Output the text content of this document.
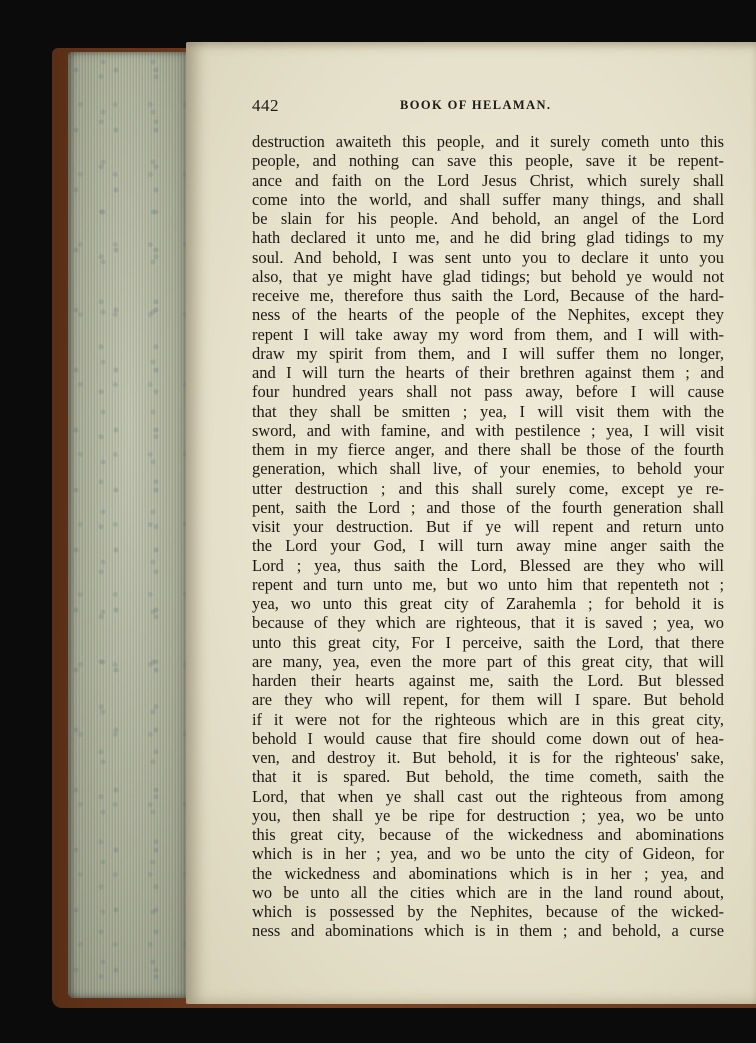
442	BOOK OF HELAMAN.
destruction awaiteth this people, and it surely cometh unto this
people, and nothing can save this people, save it be repent-
ance and faith on the Lord Jesus Christ, which surely shall
come into the world, and shall suffer many things, and shall
be slain for his people. And behold, an angel of the Lord
hath declared it unto me, and he did bring glad tidings to my
soul. And behold, I was sent unto you to declare it unto you
also, that ye might have glad tidings; but behold ye would not
receive me, therefore thus saith the Lord, Because of the hard-
ness of the hearts of the people of the Nephites, except they
repent I will take away my word from them, and I will with-
draw my spirit from them, and I will suffer them no longer,
and I will turn the hearts of their brethren against them ; and
four hundred years shall not pass away, before I will cause
that they shall be smitten ; yea, I will visit them with the
sword, and with famine, and with pestilence ; yea, I will visit
them in my fierce anger, and there shall be those of the fourth
generation, which shall live, of your enemies, to behold your
utter destruction ; and this shall surely come, except ye re-
pent, saith the Lord ; and those of the fourth generation shall
visit your destruction. But if ye will repent and return unto
the Lord your God, I will turn away mine anger saith the
Lord ; yea, thus saith the Lord, Blessed are they who will
repent and turn unto me, but wo unto him that repenteth not ;
yea, wo unto this great city of Zarahemla ; for behold it is
because of they which are righteous, that it is saved ; yea, wo
unto this great city, For I perceive, saith the Lord, that there
are many, yea, even the more part of this great city, that will
harden their hearts against me, saith the Lord. But blessed
are they who will repent, for them will I spare. But behold
if it were not for the righteous which are in this great city,
behold I would cause that fire should come down out of hea-
ven, and destroy it. But behold, it is for the righteous' sake,
that it is spared. But behold, the time cometh, saith the
Lord, that when ye shall cast out the righteous from among
you, then shall ye be ripe for destruction ; yea, wo be unto
this great city, because of the wickedness and abominations
which is in her ; yea, and wo be unto the city of Gideon, for
the wickedness and abominations which is in her ; yea, and
wo be unto all the cities which are in the land round about,
which is possessed by the Nephites, because of the wicked-
ness and abominations which is in them ; and behold, a curse
